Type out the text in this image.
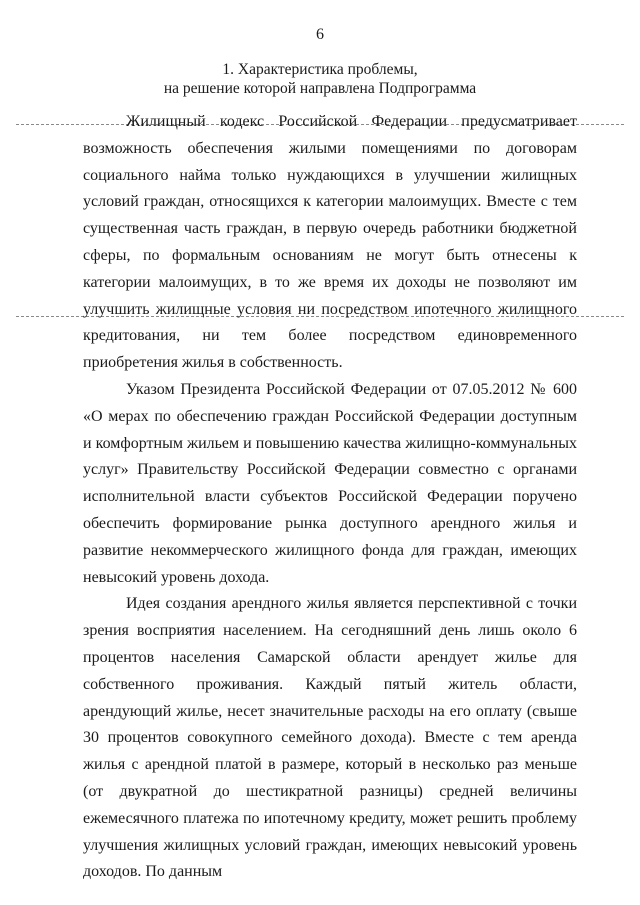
6
1. Характеристика проблемы,
на решение которой направлена Подпрограмма

Жилищный кодекс Российской Федерации предусматривает возможность обеспечения жилыми помещениями по договорам социального найма только нуждающихся в улучшении жилищных условий граждан, относящихся к категории малоимущих. Вместе с тем существенная часть граждан, в первую очередь работники бюджетной сферы, по формальным основаниям не могут быть отнесены к категории малоимущих, в то же время их доходы не позволяют им улучшить жилищные условия ни посредством ипотечного жилищного кредитования, ни тем более посредством единовременного приобретения жилья в собственность.

Указом Президента Российской Федерации от 07.05.2012 № 600 «О мерах по обеспечению граждан Российской Федерации доступным и комфортным жильем и повышению качества жилищно-коммунальных услуг» Правительству Российской Федерации совместно с органами исполнительной власти субъектов Российской Федерации поручено обеспечить формирование рынка доступного арендного жилья и развитие некоммерческого жилищного фонда для граждан, имеющих невысокий уровень дохода.

Идея создания арендного жилья является перспективной с точки зрения восприятия населением. На сегодняшний день лишь около 6 процентов населения Самарской области арендует жилье для собственного проживания. Каждый пятый житель области, арендующий жилье, несет значительные расходы на его оплату (свыше 30 процентов совокупного семейного дохода). Вместе с тем аренда жилья с арендной платой в размере, который в несколько раз меньше (от двукратной до шестикратной разницы) средней величины ежемесячного платежа по ипотечному кредиту, может решить проблему улучшения жилищных условий граждан, имеющих невысокий уровень доходов. По данным
